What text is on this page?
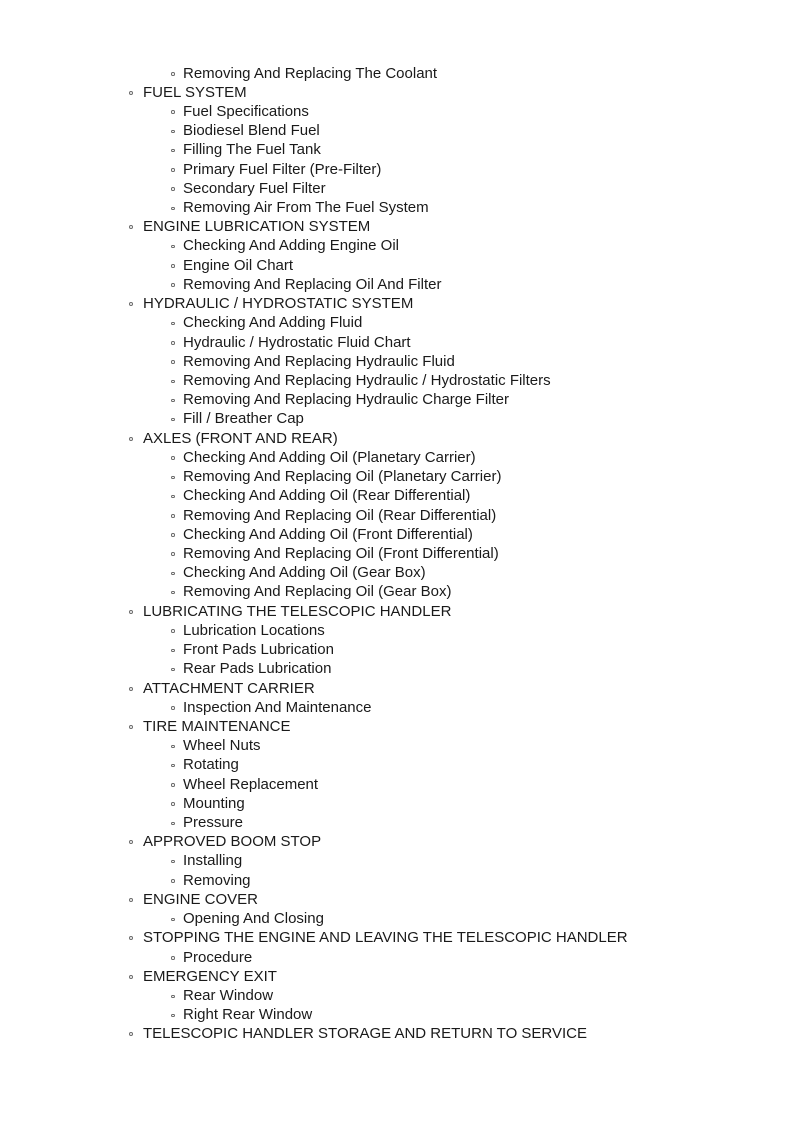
Removing And Replacing The Coolant
FUEL SYSTEM
Fuel Specifications
Biodiesel Blend Fuel
Filling The Fuel Tank
Primary Fuel Filter (Pre-Filter)
Secondary Fuel Filter
Removing Air From The Fuel System
ENGINE LUBRICATION SYSTEM
Checking And Adding Engine Oil
Engine Oil Chart
Removing And Replacing Oil And Filter
HYDRAULIC / HYDROSTATIC SYSTEM
Checking And Adding Fluid
Hydraulic / Hydrostatic Fluid Chart
Removing And Replacing Hydraulic Fluid
Removing And Replacing Hydraulic / Hydrostatic Filters
Removing And Replacing Hydraulic Charge Filter
Fill / Breather Cap
AXLES (FRONT AND REAR)
Checking And Adding Oil (Planetary Carrier)
Removing And Replacing Oil (Planetary Carrier)
Checking And Adding Oil (Rear Differential)
Removing And Replacing Oil (Rear Differential)
Checking And Adding Oil (Front Differential)
Removing And Replacing Oil (Front Differential)
Checking And Adding Oil (Gear Box)
Removing And Replacing Oil (Gear Box)
LUBRICATING THE TELESCOPIC HANDLER
Lubrication Locations
Front Pads Lubrication
Rear Pads Lubrication
ATTACHMENT CARRIER
Inspection And Maintenance
TIRE MAINTENANCE
Wheel Nuts
Rotating
Wheel Replacement
Mounting
Pressure
APPROVED BOOM STOP
Installing
Removing
ENGINE COVER
Opening And Closing
STOPPING THE ENGINE AND LEAVING THE TELESCOPIC HANDLER
Procedure
EMERGENCY EXIT
Rear Window
Right Rear Window
TELESCOPIC HANDLER STORAGE AND RETURN TO SERVICE
